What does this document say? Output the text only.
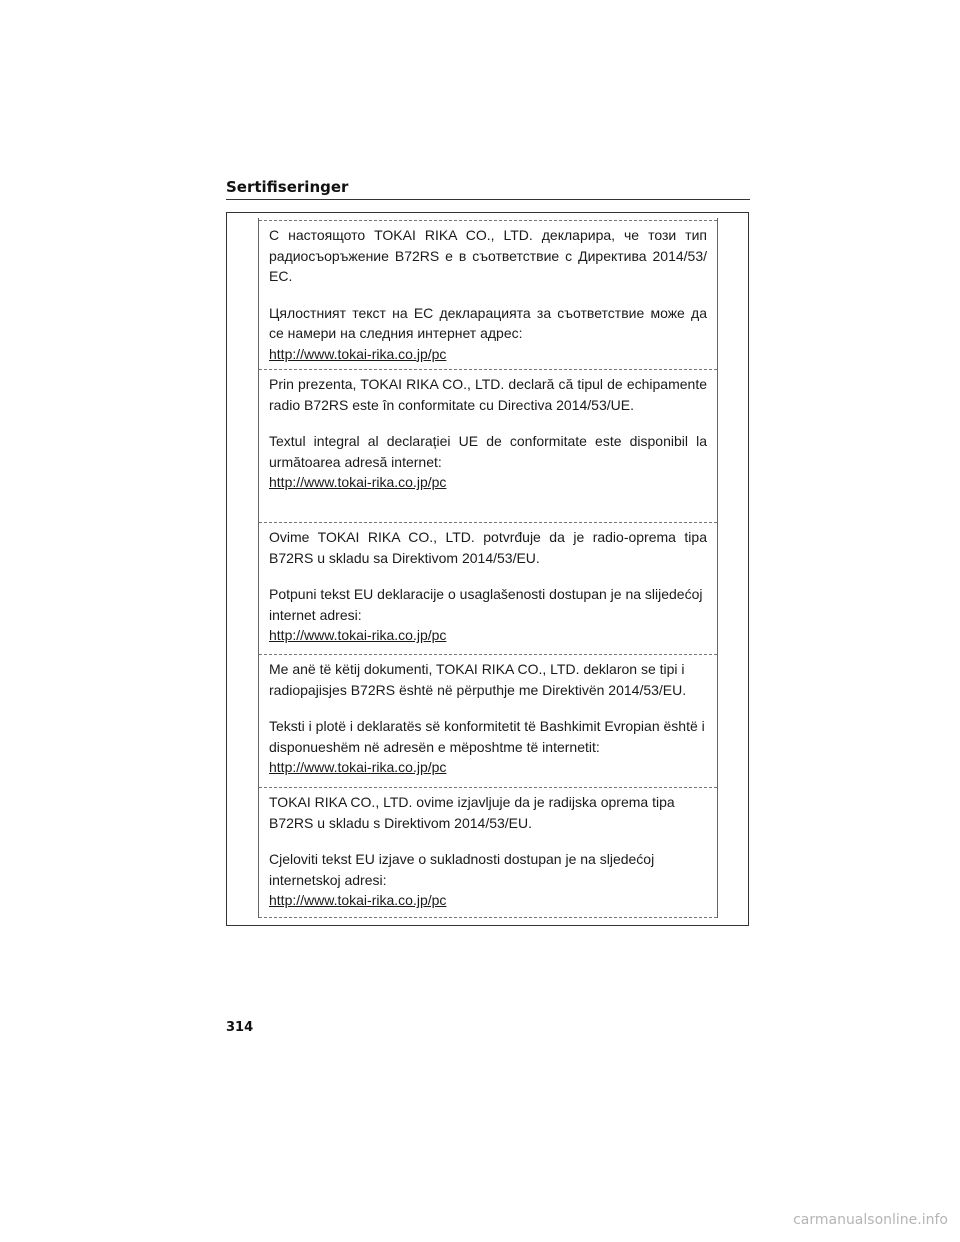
Sertifiseringer

С настоящото TOKAI RIKA CO., LTD. декларира, че този тип радиосъоръжение B72RS е в съответствие с Директива 2014/53/ЕС.

Цялостният текст на ЕС декларацията за съответствие може да се намери на следния интернет адрес:

http://www.tokai-rika.co.jp/pc

Prin prezenta, TOKAI RIKA CO., LTD. declară că tipul de echipamente radio B72RS este în conformitate cu Directiva 2014/53/UE.

Textul integral al declarației UE de conformitate este disponibil la următoarea adresă internet:

http://www.tokai-rika.co.jp/pc

Ovime TOKAI RIKA CO., LTD. potvrđuje da je radio-oprema tipa B72RS u skladu sa Direktivom 2014/53/EU.

Potpuni tekst EU deklaracije o usaglašenosti dostupan je na slijedećoj internet adresi:

http://www.tokai-rika.co.jp/pc

Me anë të këtij dokumenti, TOKAI RIKA CO., LTD. deklaron se tipi i radiopajisjes B72RS është në përputhje me Direktivën 2014/53/EU.

Teksti i plotë i deklaratës së konformitetit të Bashkimit Evropian është i disponueshëm në adresën e mëposhtme të internetit:

http://www.tokai-rika.co.jp/pc

TOKAI RIKA CO., LTD. ovime izjavljuje da je radijska oprema tipa B72RS u skladu s Direktivom 2014/53/EU.

Cjeloviti tekst EU izjave o sukladnosti dostupan je na sljedećoj internetskoj adresi:

http://www.tokai-rika.co.jp/pc

314
carmanualsonline.info
